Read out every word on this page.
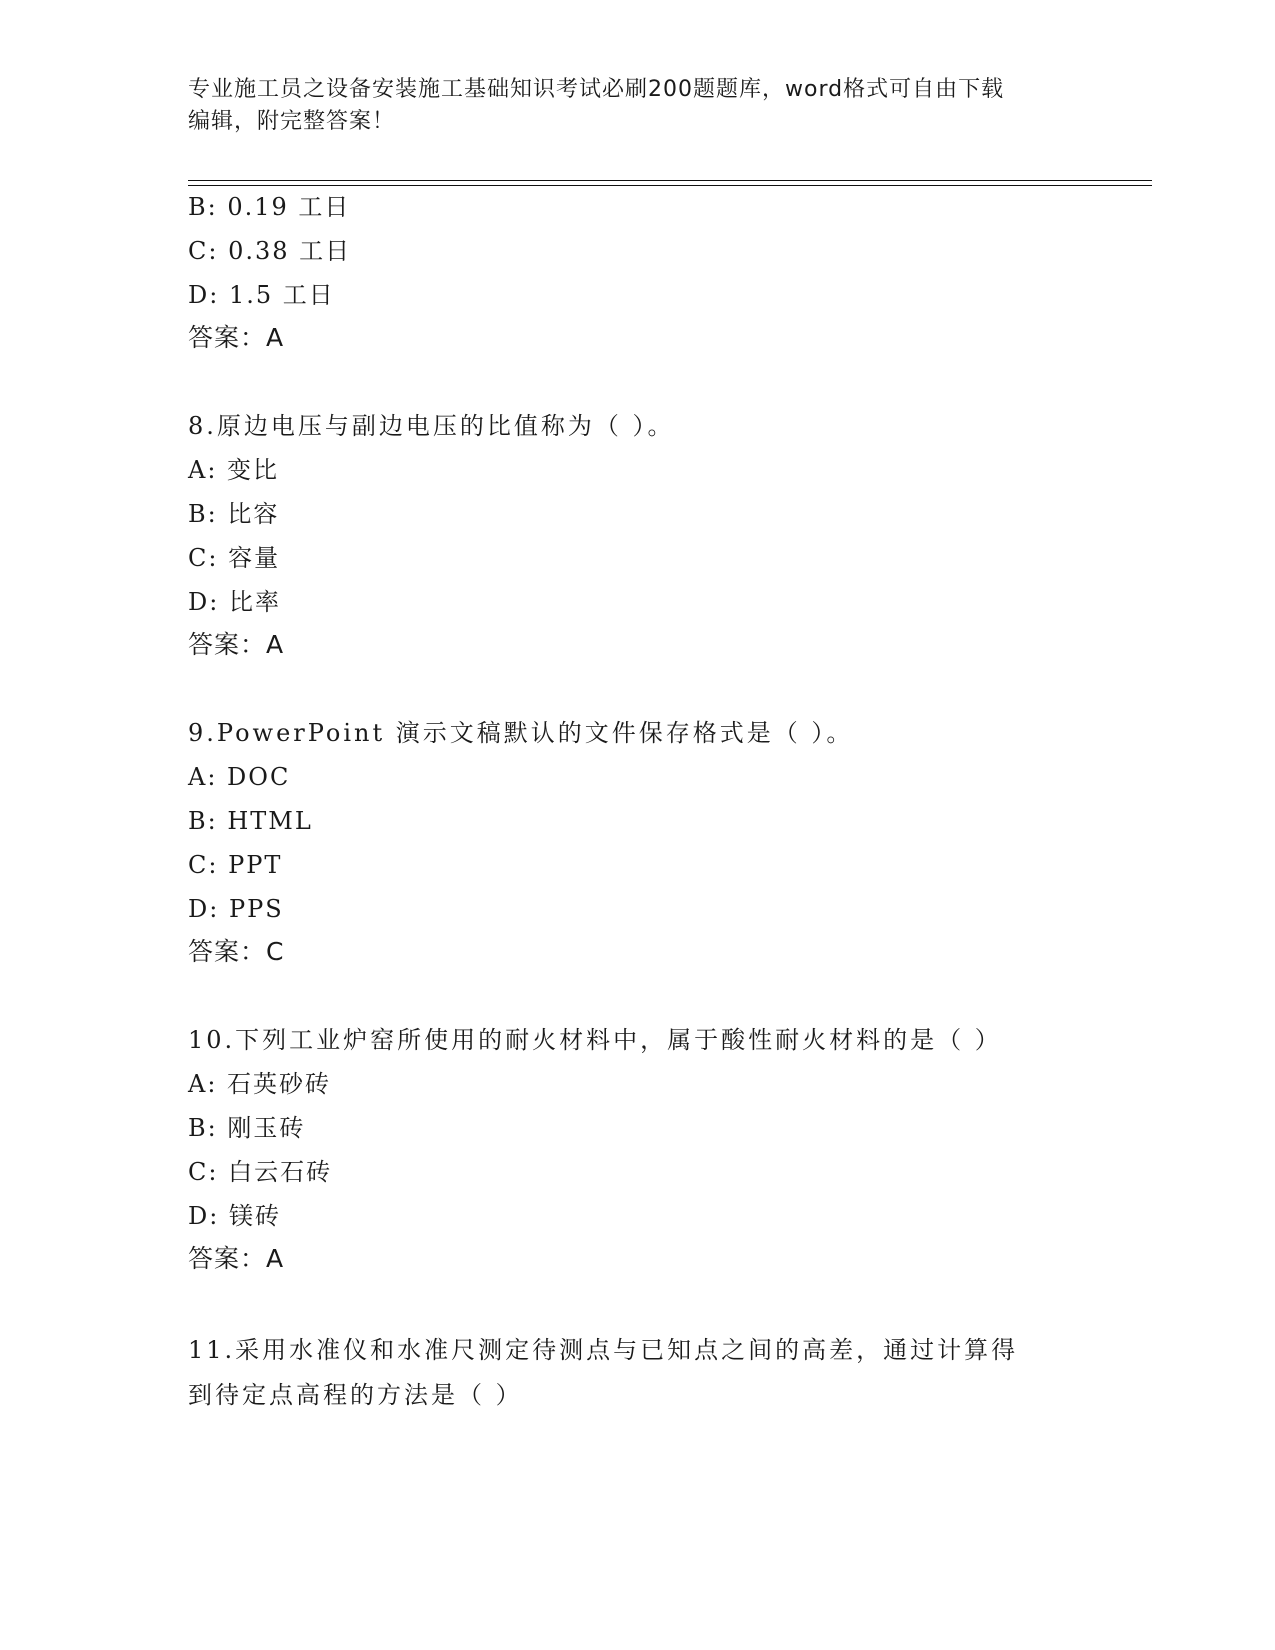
专业施工员之设备安装施工基础知识考试必刷200题题库，word格式可自由下载
编辑，附完整答案！
B: 0.19 工日
C: 0.38 工日
D: 1.5 工日
答案：A
8.原边电压与副边电压的比值称为（ ）。
A: 变比
B: 比容
C: 容量
D: 比率
答案：A
9.PowerPoint 演示文稿默认的文件保存格式是（ ）。
A: DOC
B: HTML
C: PPT
D: PPS
答案：C
10.下列工业炉窑所使用的耐火材料中，属于酸性耐火材料的是（ ）
A: 石英砂砖
B: 刚玉砖
C: 白云石砖
D: 镁砖
答案：A
11.采用水准仪和水准尺测定待测点与已知点之间的高差，通过计算得
到待定点高程的方法是（ ）
